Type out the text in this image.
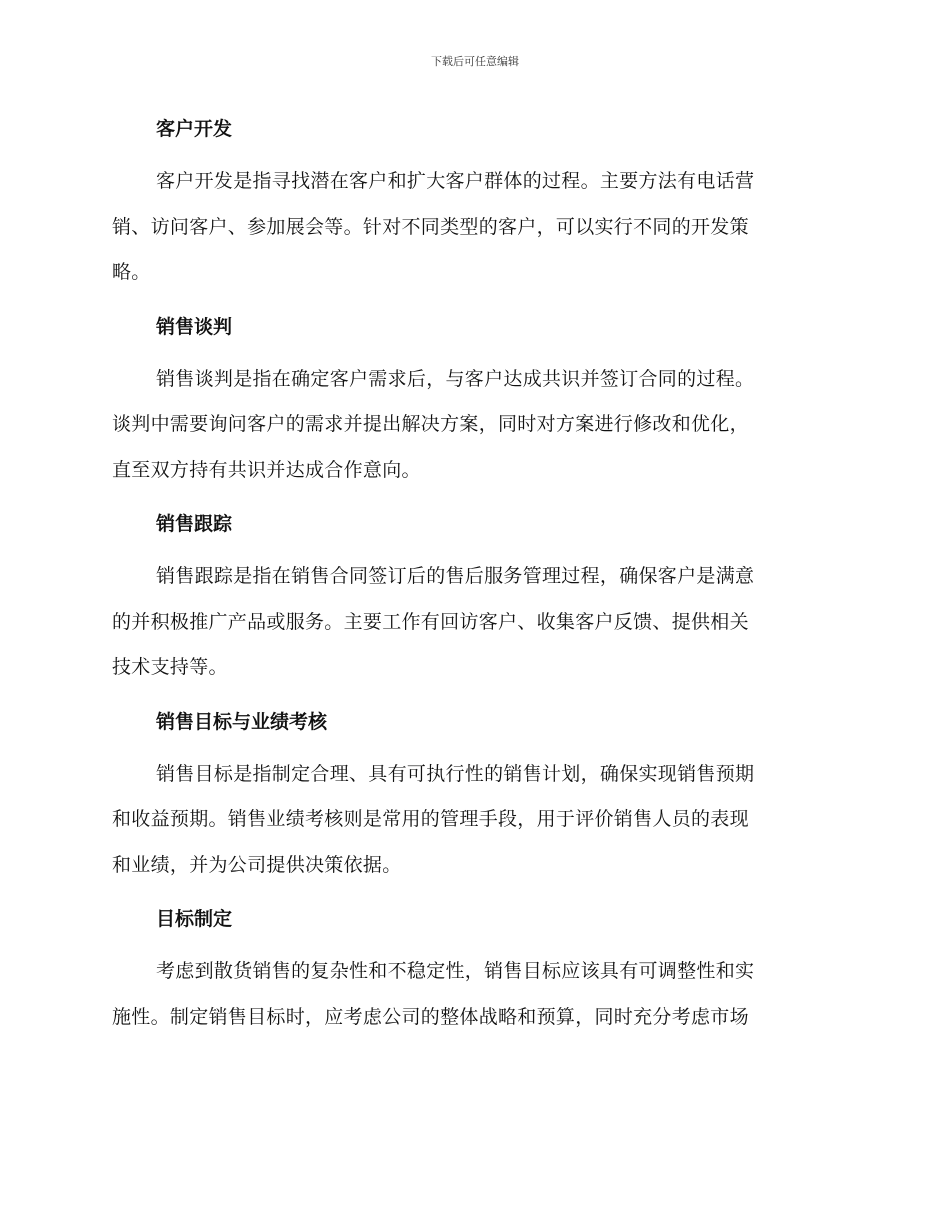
下载后可任意编辑
客户开发
客户开发是指寻找潜在客户和扩大客户群体的过程。主要方法有电话营
销、访问客户、参加展会等。针对不同类型的客户，可以实行不同的开发策
略。
销售谈判
销售谈判是指在确定客户需求后，与客户达成共识并签订合同的过程。
谈判中需要询问客户的需求并提出解决方案，同时对方案进行修改和优化，
直至双方持有共识并达成合作意向。
销售跟踪
销售跟踪是指在销售合同签订后的售后服务管理过程，确保客户是满意
的并积极推广产品或服务。主要工作有回访客户、收集客户反馈、提供相关
技术支持等。
销售目标与业绩考核
销售目标是指制定合理、具有可执行性的销售计划，确保实现销售预期
和收益预期。销售业绩考核则是常用的管理手段，用于评价销售人员的表现
和业绩，并为公司提供决策依据。
目标制定
考虑到散货销售的复杂性和不稳定性，销售目标应该具有可调整性和实
施性。制定销售目标时，应考虑公司的整体战略和预算，同时充分考虑市场
